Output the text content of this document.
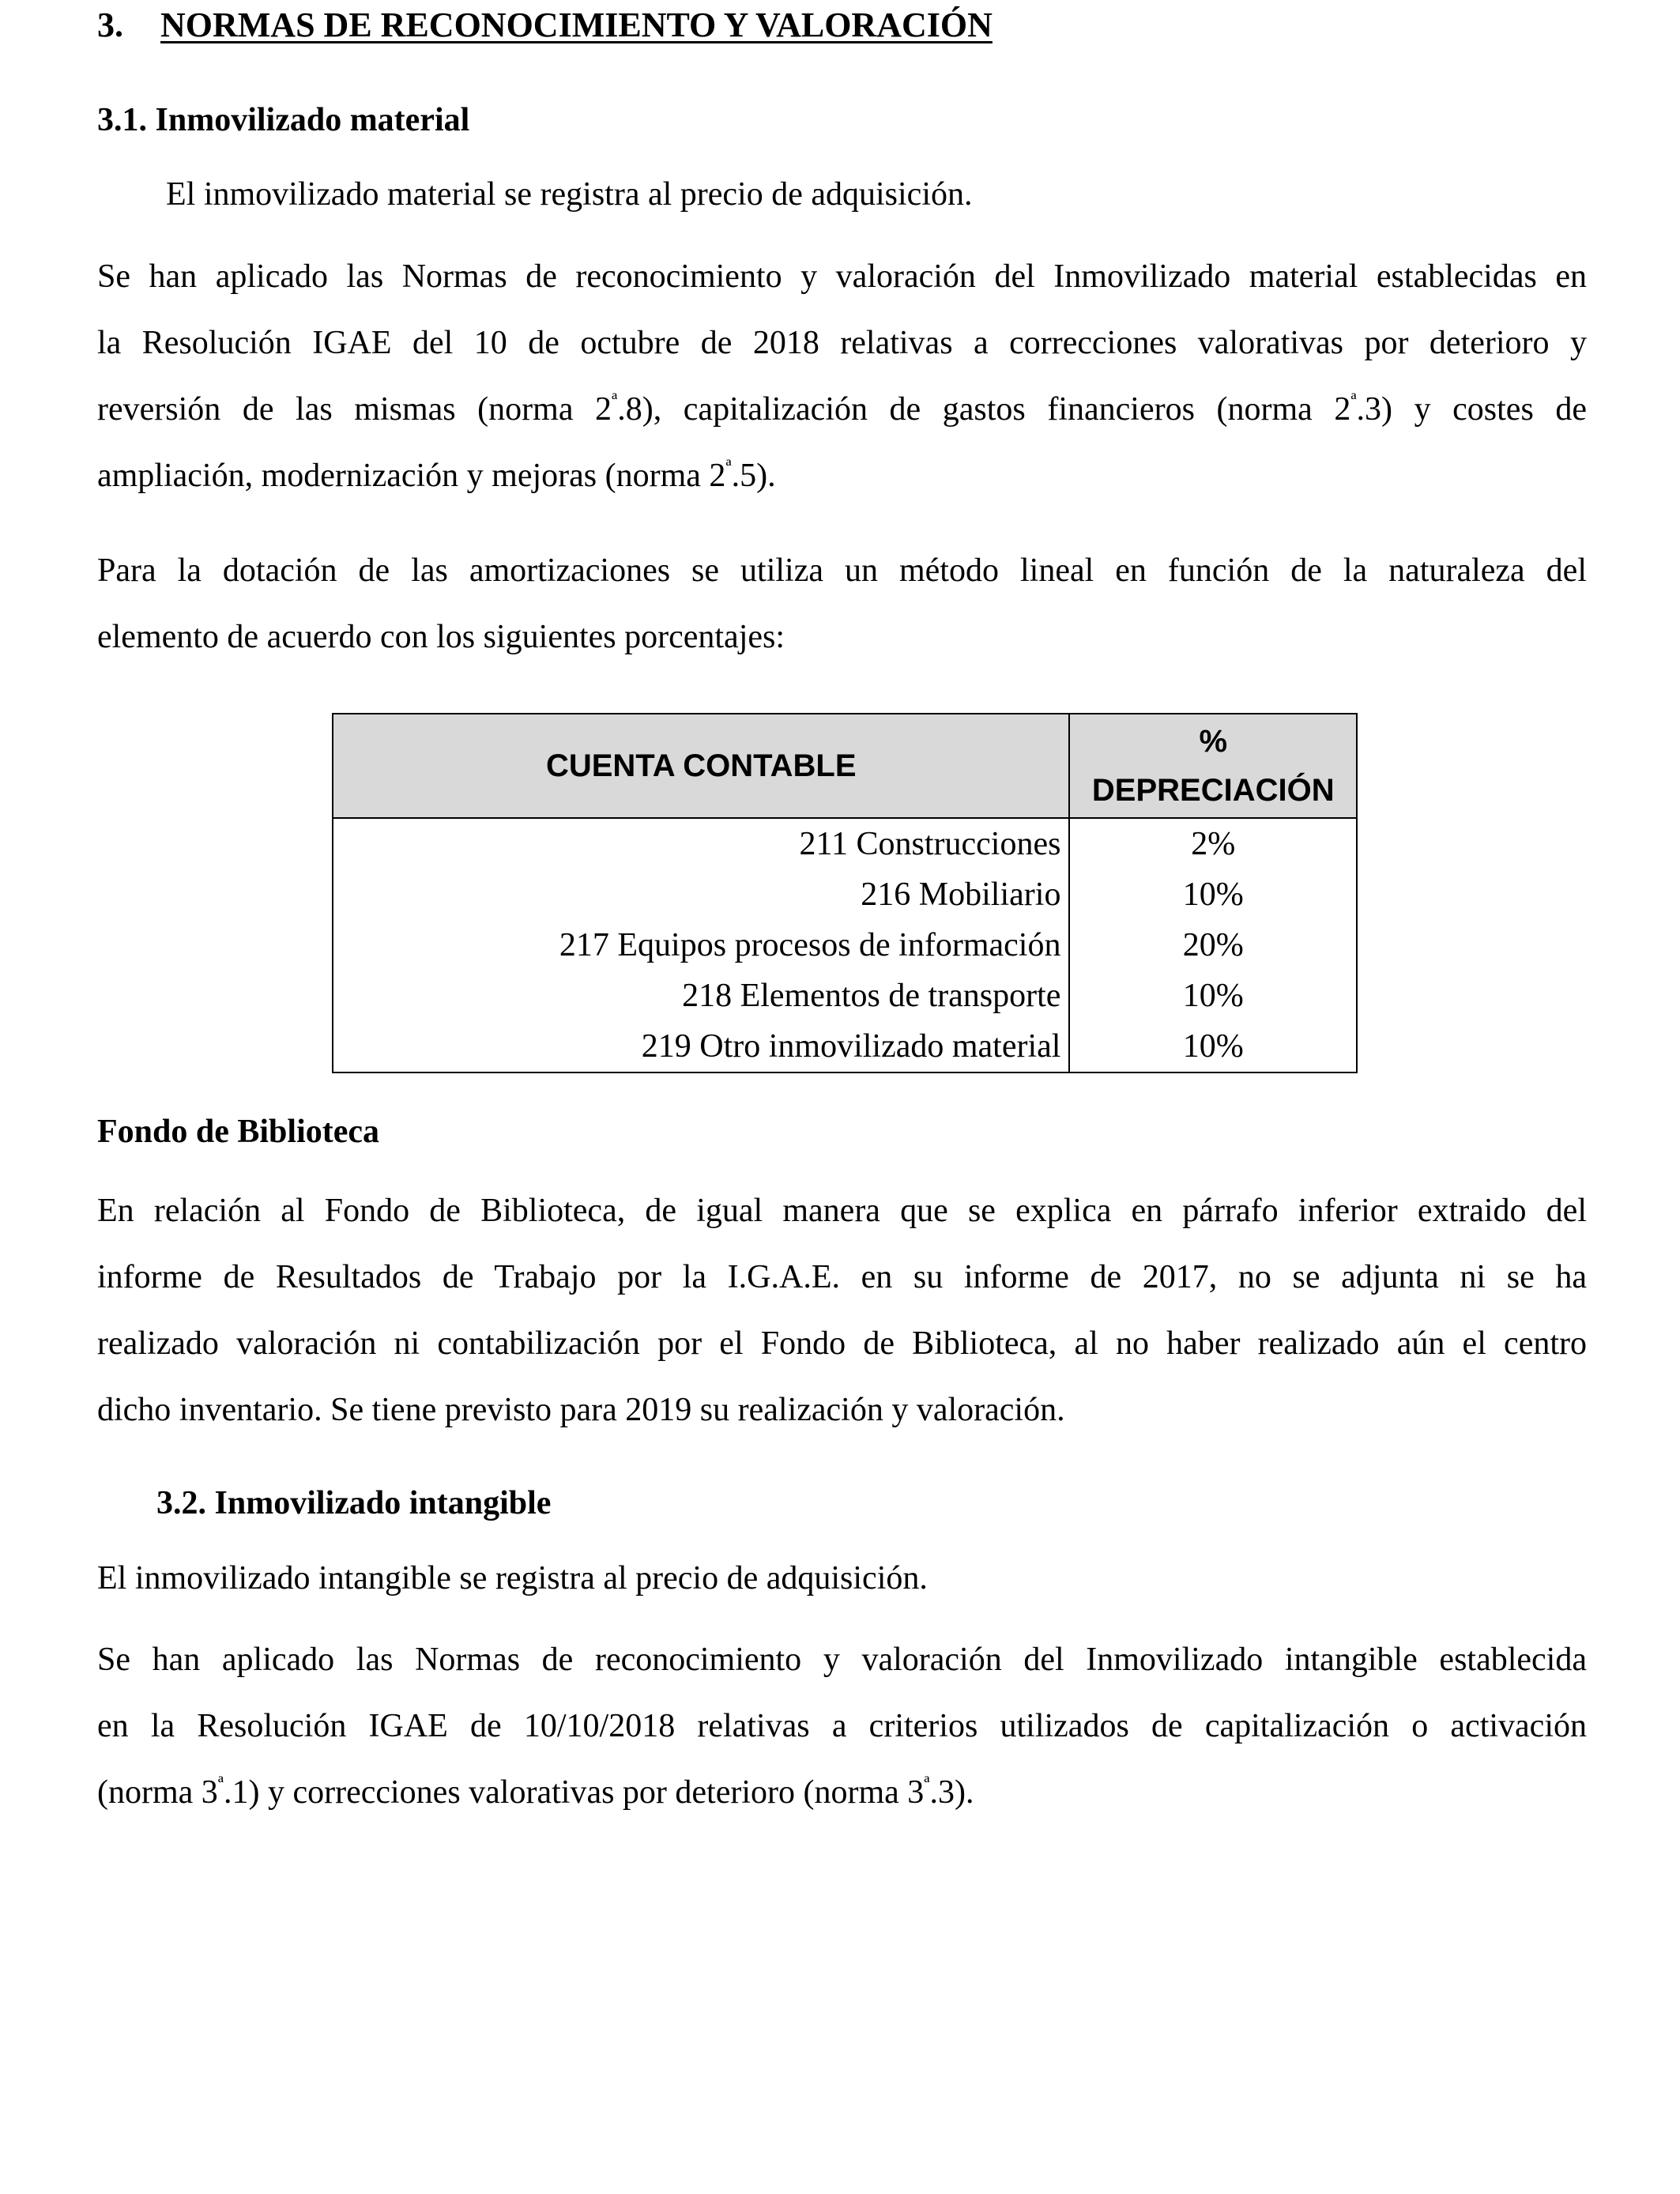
3. NORMAS DE RECONOCIMIENTO Y VALORACIÓN
3.1. Inmovilizado material
El inmovilizado material se registra al precio de adquisición.
Se han aplicado las Normas de reconocimiento y valoración del Inmovilizado material establecidas en
la Resolución IGAE del 10 de octubre de 2018 relativas a correcciones valorativas por deterioro y
reversión de las mismas (norma $2^ª.8$), capitalización de gastos financieros (norma $2^ª.3$) y costes de
ampliación, modernización y mejoras (norma $2^ª.5$).
Para la dotación de las amortizaciones se utiliza un método lineal en función de la naturaleza del
elemento de acuerdo con los siguientes porcentajes:
CUENTA CONTABLE	%
DEPRECIACIÓN

211 Construcciones	2%
216 Mobiliario	10%
217 Equipos procesos de información	20%
218 Elementos de transporte	10%
219 Otro inmovilizado material	10%
Fondo de Biblioteca
En relación al Fondo de Biblioteca, de igual manera que se explica en párrafo inferior extraido del
informe de Resultados de Trabajo por la I.G.A.E. en su informe de 2017, no se adjunta ni se ha
realizado valoración ni contabilización por el Fondo de Biblioteca, al no haber realizado aún el centro
dicho inventario. Se tiene previsto para 2019 su realización y valoración.
3.2. Inmovilizado intangible
El inmovilizado intangible se registra al precio de adquisición.
Se han aplicado las Normas de reconocimiento y valoración del Inmovilizado intangible establecida
en la Resolución IGAE de 10/10/2018 relativas a criterios utilizados de capitalización o activación
(norma $3^ª.1$) y correcciones valorativas por deterioro (norma $3^ª.3$).
